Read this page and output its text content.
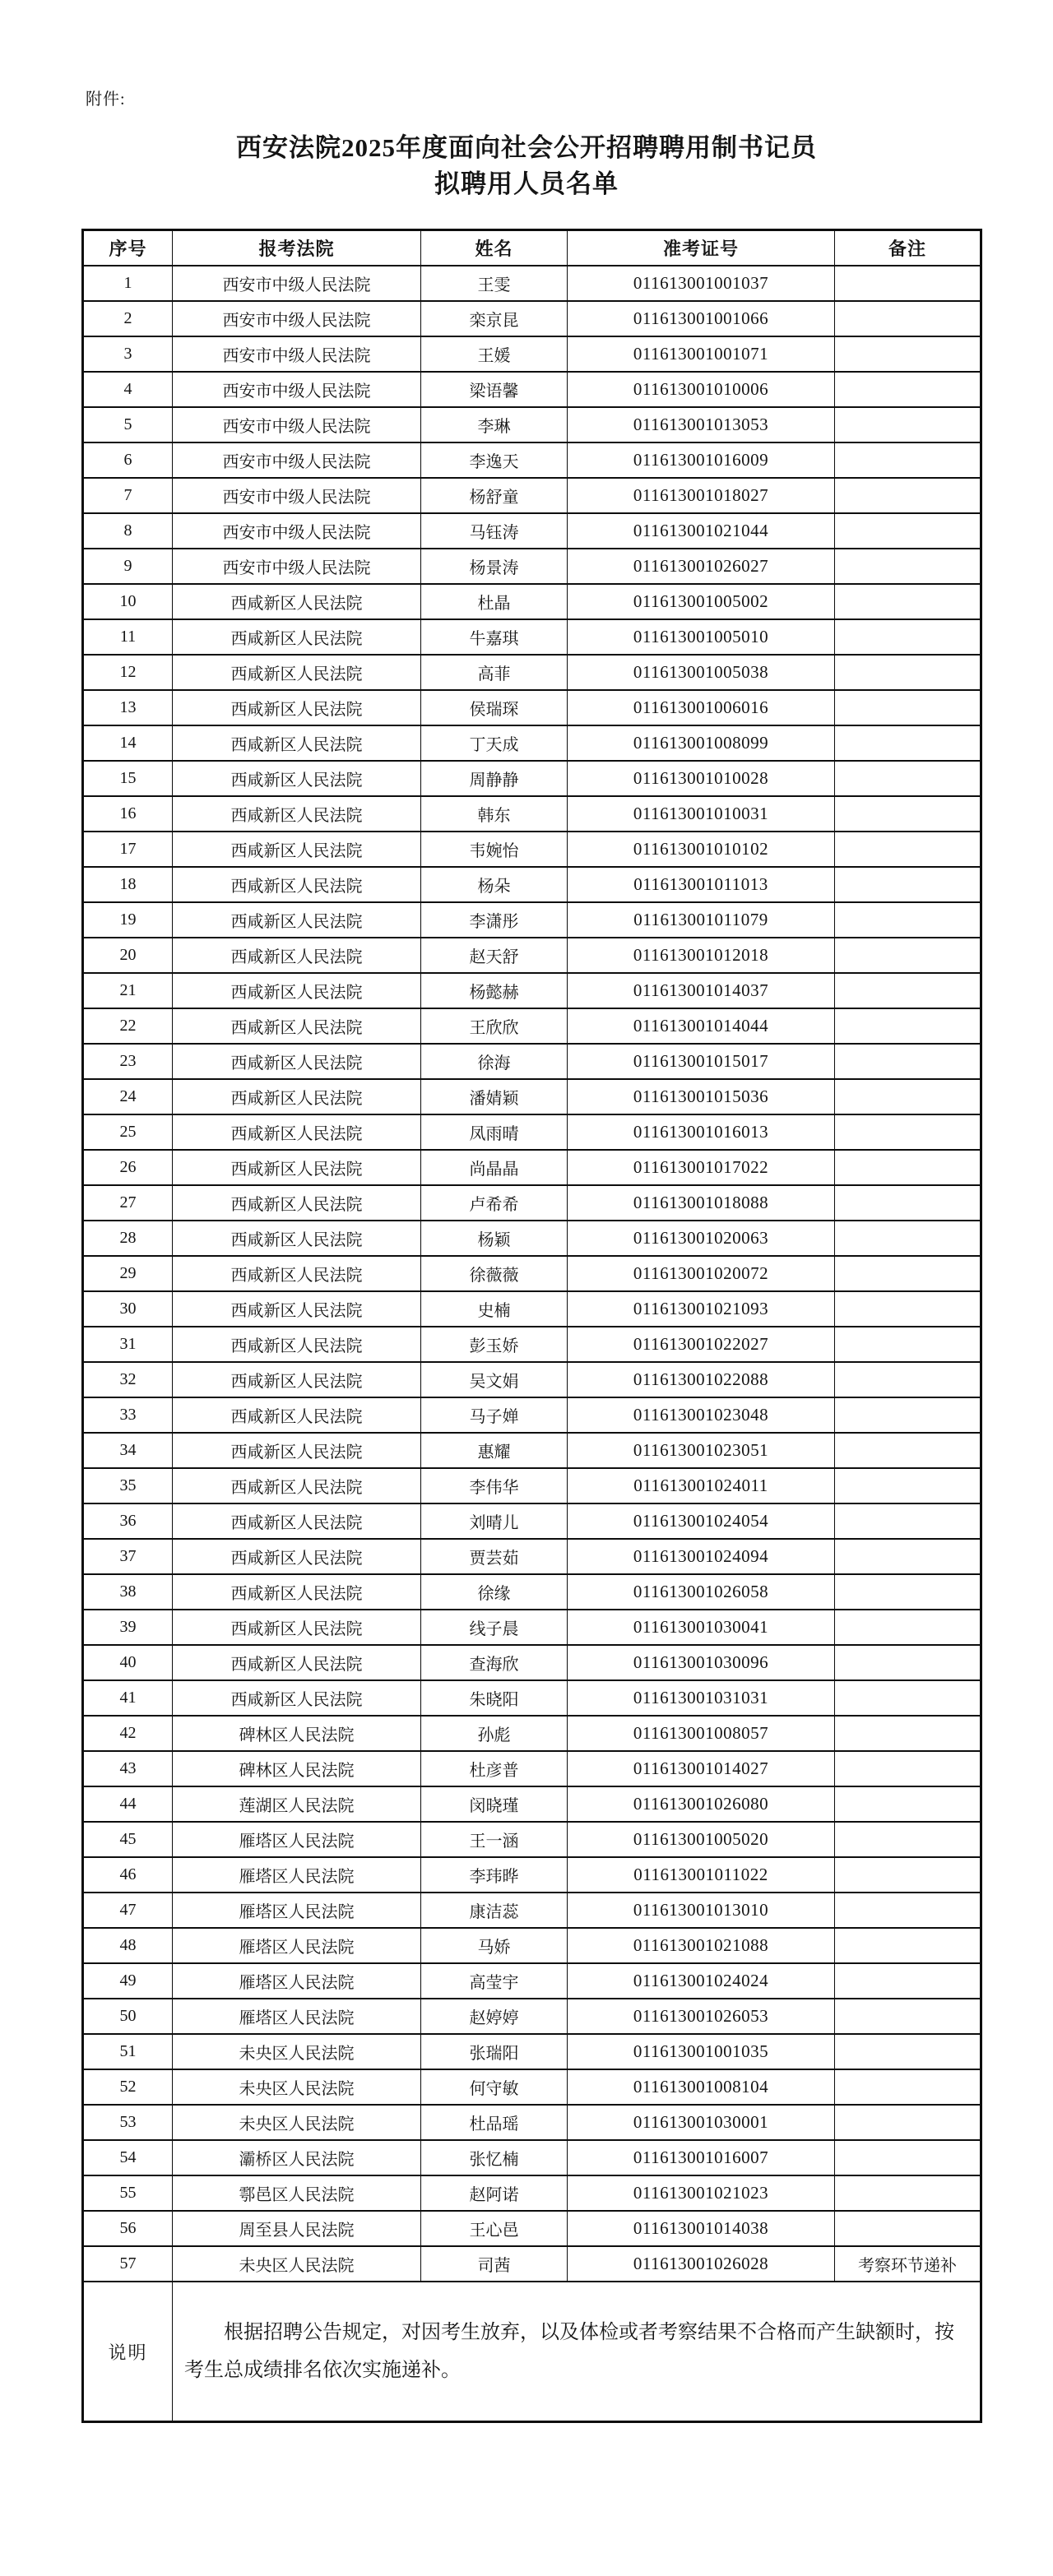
附件:
西安法院2025年度面向社会公开招聘聘用制书记员
拟聘用人员名单
序号	报考法院	姓名	准考证号	备注
1	西安市中级人民法院	王雯	011613001001037	
2	西安市中级人民法院	栾京昆	011613001001066	
3	西安市中级人民法院	王媛	011613001001071	
4	西安市中级人民法院	梁语馨	011613001010006	
5	西安市中级人民法院	李琳	011613001013053	
6	西安市中级人民法院	李逸天	011613001016009	
7	西安市中级人民法院	杨舒童	011613001018027	
8	西安市中级人民法院	马钰涛	011613001021044	
9	西安市中级人民法院	杨景涛	011613001026027	
10	西咸新区人民法院	杜晶	011613001005002	
11	西咸新区人民法院	牛嘉琪	011613001005010	
12	西咸新区人民法院	高菲	011613001005038	
13	西咸新区人民法院	侯瑞琛	011613001006016	
14	西咸新区人民法院	丁天成	011613001008099	
15	西咸新区人民法院	周静静	011613001010028	
16	西咸新区人民法院	韩东	011613001010031	
17	西咸新区人民法院	韦婉怡	011613001010102	
18	西咸新区人民法院	杨朵	011613001011013	
19	西咸新区人民法院	李潇彤	011613001011079	
20	西咸新区人民法院	赵天舒	011613001012018	
21	西咸新区人民法院	杨懿赫	011613001014037	
22	西咸新区人民法院	王欣欣	011613001014044	
23	西咸新区人民法院	徐海	011613001015017	
24	西咸新区人民法院	潘婧颖	011613001015036	
25	西咸新区人民法院	凤雨晴	011613001016013	
26	西咸新区人民法院	尚晶晶	011613001017022	
27	西咸新区人民法院	卢希希	011613001018088	
28	西咸新区人民法院	杨颖	011613001020063	
29	西咸新区人民法院	徐薇薇	011613001020072	
30	西咸新区人民法院	史楠	011613001021093	
31	西咸新区人民法院	彭玉娇	011613001022027	
32	西咸新区人民法院	吴文娟	011613001022088	
33	西咸新区人民法院	马子婵	011613001023048	
34	西咸新区人民法院	惠耀	011613001023051	
35	西咸新区人民法院	李伟华	011613001024011	
36	西咸新区人民法院	刘晴儿	011613001024054	
37	西咸新区人民法院	贾芸茹	011613001024094	
38	西咸新区人民法院	徐缘	011613001026058	
39	西咸新区人民法院	线子晨	011613001030041	
40	西咸新区人民法院	查海欣	011613001030096	
41	西咸新区人民法院	朱晓阳	011613001031031	
42	碑林区人民法院	孙彪	011613001008057	
43	碑林区人民法院	杜彦普	011613001014027	
44	莲湖区人民法院	闵晓瑾	011613001026080	
45	雁塔区人民法院	王一涵	011613001005020	
46	雁塔区人民法院	李玮晔	011613001011022	
47	雁塔区人民法院	康洁蕊	011613001013010	
48	雁塔区人民法院	马娇	011613001021088	
49	雁塔区人民法院	高莹宇	011613001024024	
50	雁塔区人民法院	赵婷婷	011613001026053	
51	未央区人民法院	张瑞阳	011613001001035	
52	未央区人民法院	何守敏	011613001008104	
53	未央区人民法院	杜品瑶	011613001030001	
54	灞桥区人民法院	张忆楠	011613001016007	
55	鄠邑区人民法院	赵阿诺	011613001021023	
56	周至县人民法院	王心邑	011613001014038	
57	未央区人民法院	司茜	011613001026028	考察环节递补
说明	根据招聘公告规定，对因考生放弃，以及体检或者考察结果不合格而产生缺额时，按考生总成绩排名依次实施递补。			
